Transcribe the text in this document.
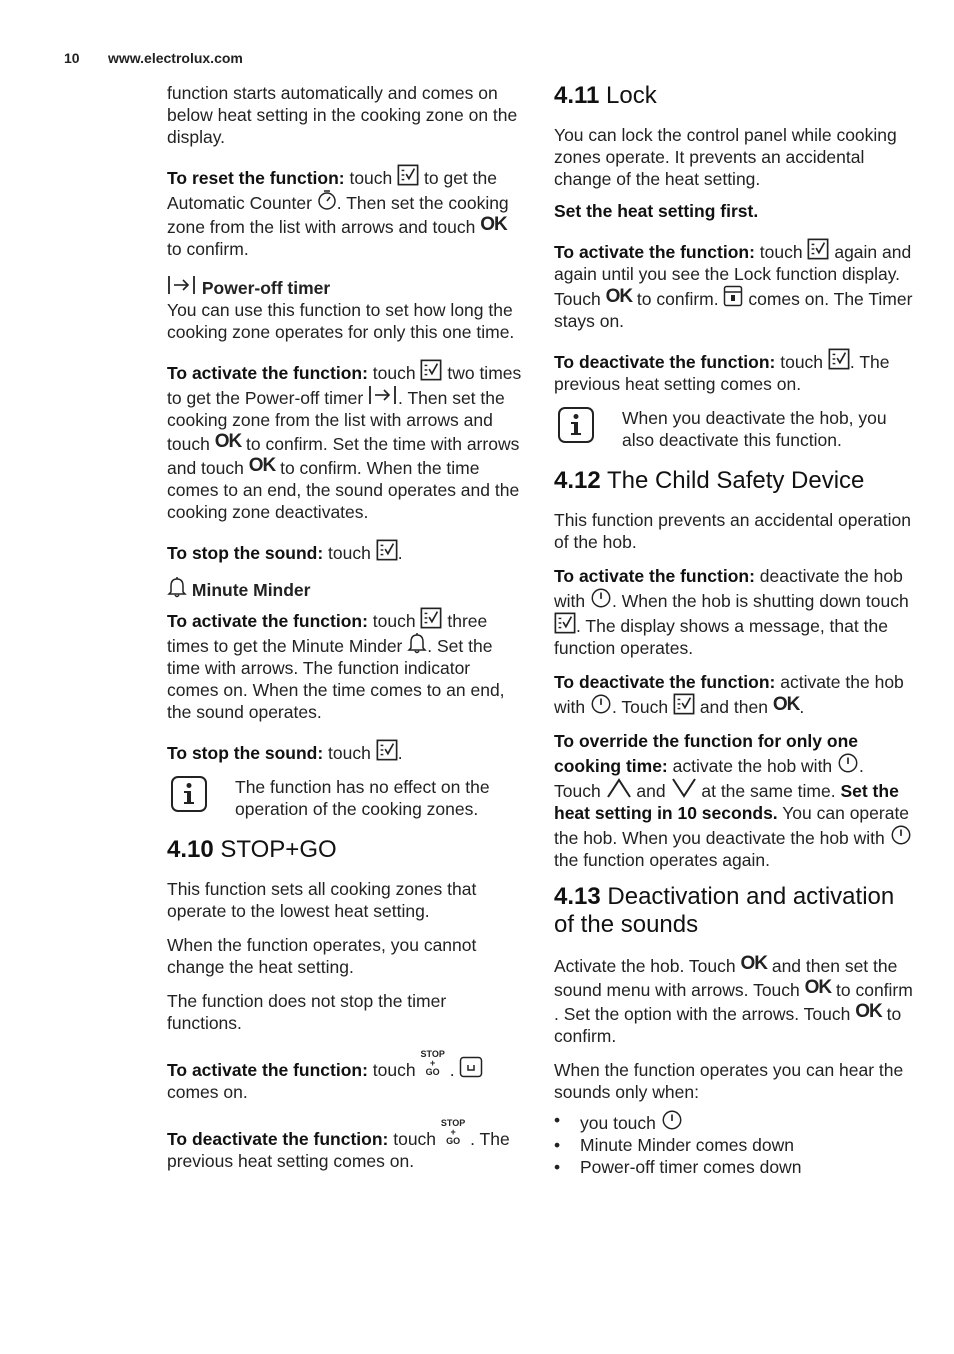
10 www.electrolux.com

function starts automatically and comes on below heat setting in the cooking zone on the display.

To reset the function: touch  to get the Automatic Counter . Then set the cooking zone from the list with arrows and touch OK to confirm.

Power-off timer

You can use this function to set how long the cooking zone operates for only this one time.

To activate the function: touch  two times to get the Power-off timer . Then set the cooking zone from the list with arrows and touch OK to confirm. Set the time with arrows and touch OK to confirm. When the time comes to an end, the sound operates and the cooking zone deactivates.

To stop the sound: touch .

Minute Minder

To activate the function: touch  three times to get the Minute Minder . Set the time with arrows. The function indicator comes on. When the time comes to an end, the sound operates.

To stop the sound: touch .

The function has no effect on the operation of the cooking zones.
4.10 STOP+GO

This function sets all cooking zones that operate to the lowest heat setting.

When the function operates, you cannot change the heat setting.

The function does not stop the timer functions.

To activate the function: touch STOP
+
GO .  comes on.

To deactivate the function: touch STOP
+
GO . The previous heat setting comes on.

4.11 Lock

You can lock the control panel while cooking zones operate. It prevents an accidental change of the heat setting.

Set the heat setting first.

To activate the function: touch  again and again until you see the Lock function display. Touch OK to confirm.  comes on. The Timer stays on.

To deactivate the function: touch . The previous heat setting comes on.

When you deactivate the hob, you also deactivate this function.
4.12 The Child Safety Device

This function prevents an accidental operation of the hob.

To activate the function: deactivate the hob with . When the hob is shutting down touch . The display shows a message, that the function operates.

To deactivate the function: activate the hob with . Touch  and then OK.

To override the function for only one cooking time: activate the hob with . Touch  and  at the same time. Set the heat setting in 10 seconds. You can operate the hob. When you deactivate the hob with  the function operates again.

4.13 Deactivation and activation of the sounds

Activate the hob. Touch OK and then set the sound menu with arrows. Touch OK to confirm . Set the option with the arrows. Touch OK to confirm.

When the function operates you can hear the sounds only when:

• you touch
• Minute Minder comes down
• Power-off timer comes down
